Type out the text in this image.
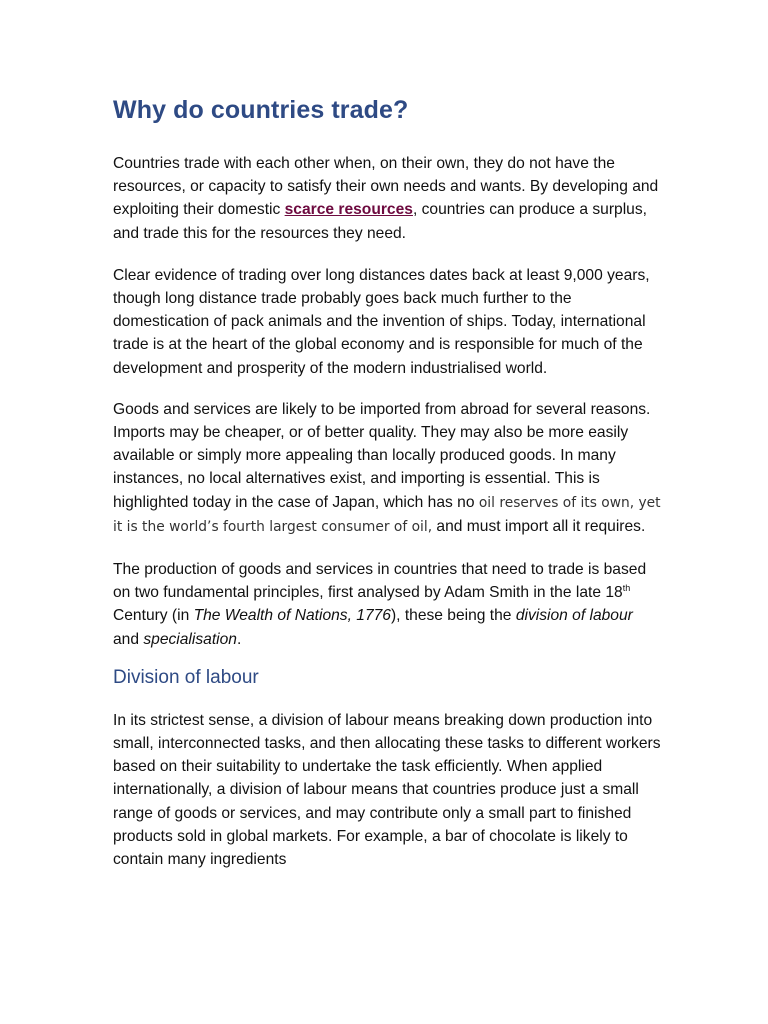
Why do countries trade?

Countries trade with each other when, on their own, they do not have the resources, or capacity to satisfy their own needs and wants. By developing and exploiting their domestic scarce resources, countries can produce a surplus, and trade this for the resources they need.

Clear evidence of trading over long distances dates back at least 9,000 years, though long distance trade probably goes back much further to the domestication of pack animals and the invention of ships. Today, international trade is at the heart of the global economy and is responsible for much of the development and prosperity of the modern industrialised world.

Goods and services are likely to be imported from abroad for several reasons. Imports may be cheaper, or of better quality. They may also be more easily available or simply more appealing than locally produced goods. In many instances, no local alternatives exist, and importing is essential. This is highlighted today in the case of Japan, which has no oil reserves of its own, yet it is the world’s fourth largest consumer of oil, and must import all it requires.

The production of goods and services in countries that need to trade is based on two fundamental principles, first analysed by Adam Smith in the late 18th Century (in The Wealth of Nations, 1776), these being the division of labour and specialisation.

Division of labour

In its strictest sense, a division of labour means breaking down production into small, interconnected tasks, and then allocating these tasks to different workers based on their suitability to undertake the task efficiently. When applied internationally, a division of labour means that countries produce just a small range of goods or services, and may contribute only a small part to finished products sold in global markets. For example, a bar of chocolate is likely to contain many ingredients
